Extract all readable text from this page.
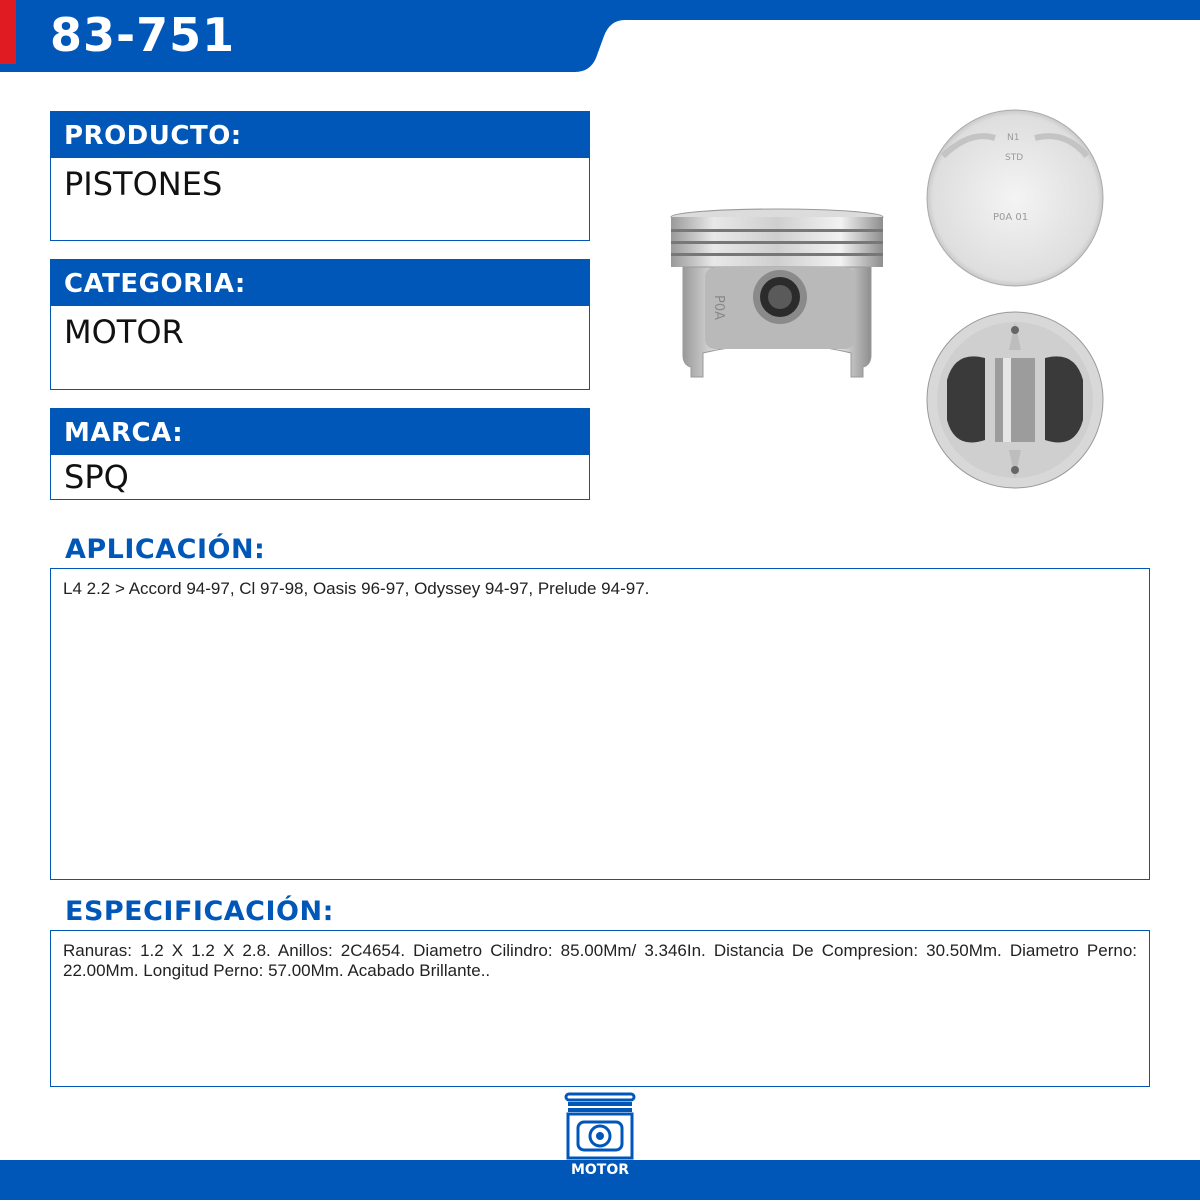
83-751
PRODUCTO:
PISTONES
CATEGORIA:
MOTOR
MARCA:
SPQ
P0A
N1
STD
P0A 01
APLICACIÓN:
L4 2.2 > Accord 94-97, Cl 97-98, Oasis 96-97, Odyssey 94-97, Prelude 94-97.
ESPECIFICACIÓN:
Ranuras: 1.2 X 1.2 X 2.8. Anillos: 2C4654. Diametro Cilindro: 85.00Mm/ 3.346In. Distancia De Compresion: 30.50Mm. Diametro Perno: 22.00Mm. Longitud Perno: 57.00Mm. Acabado Brillante..
MOTOR
